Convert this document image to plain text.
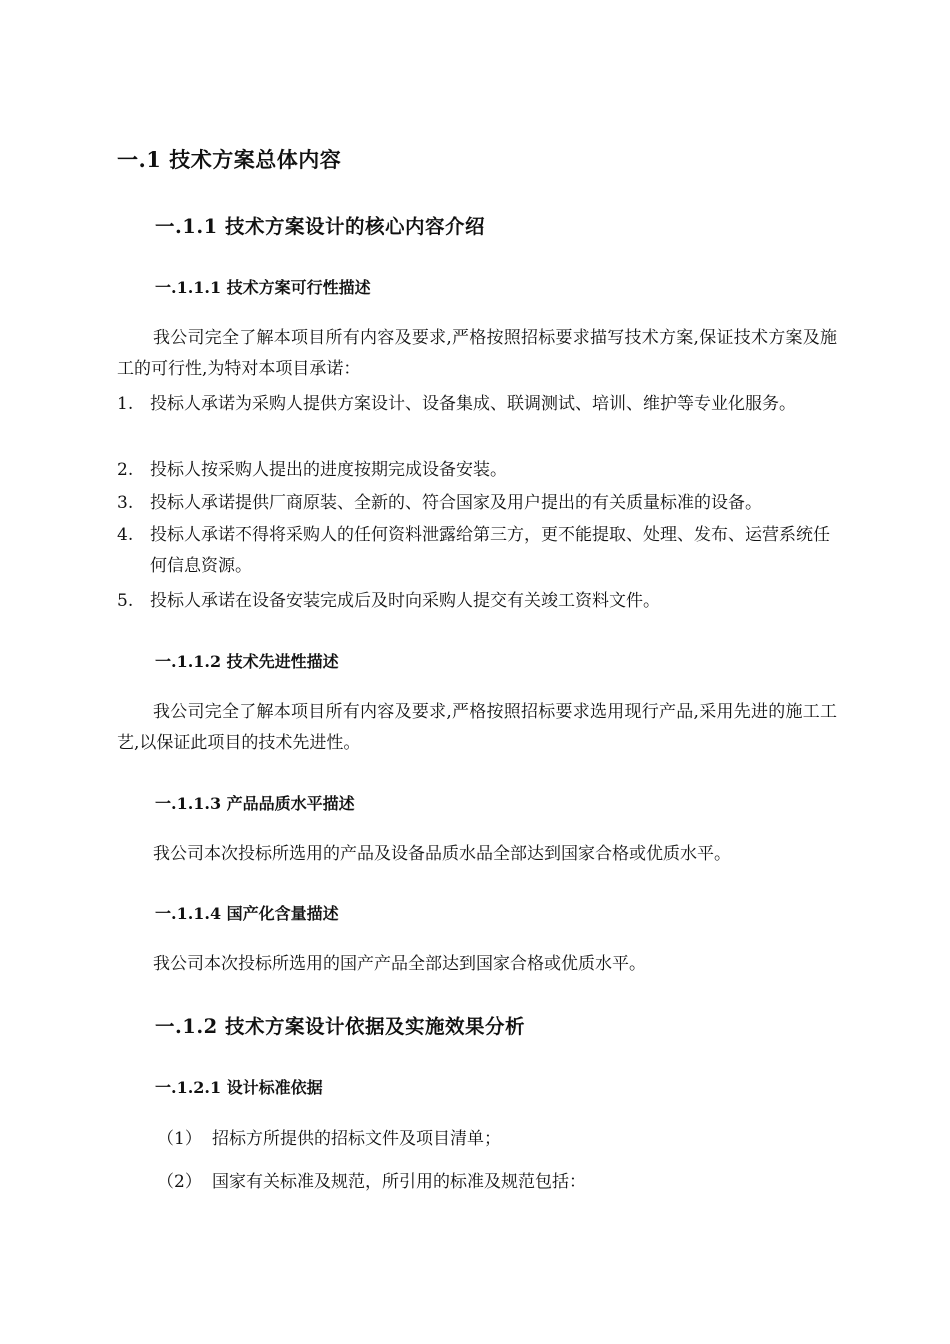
一.1 技术方案总体内容
一.1.1 技术方案设计的核心内容介绍
一.1.1.1 技术方案可行性描述
我公司完全了解本项目所有内容及要求,严格按照招标要求描写技术方案,保证技术方案及施工的可行性,为特对本项目承诺：
1. 投标人承诺为采购人提供方案设计、设备集成、联调测试、培训、维护等专业化服务。
2. 投标人按采购人提出的进度按期完成设备安装。
3. 投标人承诺提供厂商原装、全新的、符合国家及用户提出的有关质量标准的设备。
4. 投标人承诺不得将采购人的任何资料泄露给第三方，更不能提取、处理、发布、运营系统任何信息资源。
5. 投标人承诺在设备安装完成后及时向采购人提交有关竣工资料文件。
一.1.1.2 技术先进性描述
我公司完全了解本项目所有内容及要求,严格按照招标要求选用现行产品,采用先进的施工工艺,以保证此项目的技术先进性。
一.1.1.3 产品品质水平描述
我公司本次投标所选用的产品及设备品质水品全部达到国家合格或优质水平。
一.1.1.4 国产化含量描述
我公司本次投标所选用的国产产品全部达到国家合格或优质水平。
一.1.2 技术方案设计依据及实施效果分析
一.1.2.1 设计标准依据
（1） 招标方所提供的招标文件及项目清单；
（2） 国家有关标准及规范，所引用的标准及规范包括：
